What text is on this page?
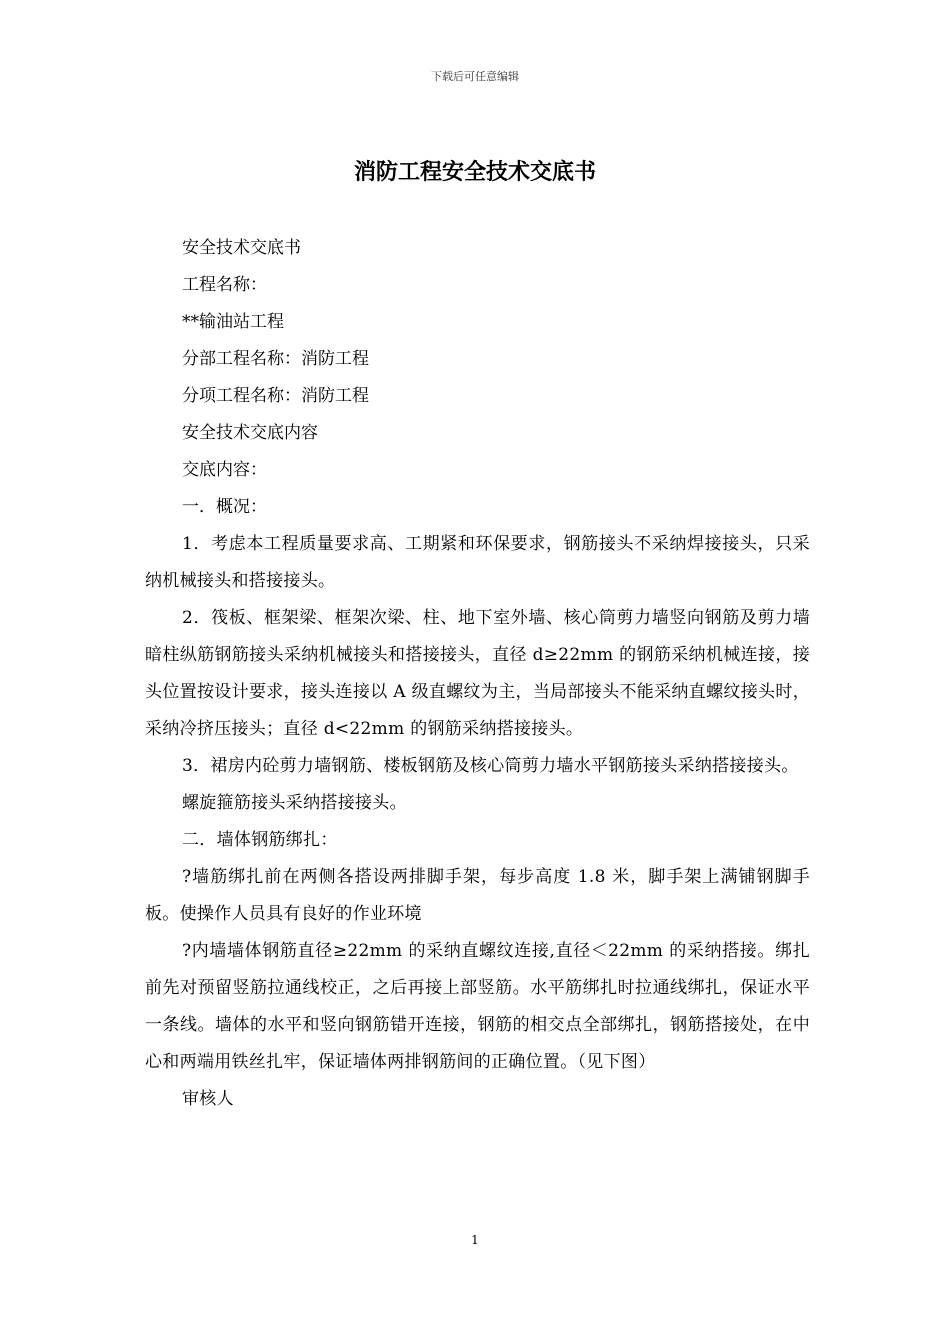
下载后可任意编辑
消防工程安全技术交底书
安全技术交底书
工程名称：
**输油站工程
分部工程名称：消防工程
分项工程名称：消防工程
安全技术交底内容
交底内容：
一．概况：

1．考虑本工程质量要求高、工期紧和环保要求，钢筋接头不采纳焊接接头，只采纳机械接头和搭接接头。

2．筏板、框架梁、框架次梁、柱、地下室外墙、核心筒剪力墙竖向钢筋及剪力墙暗柱纵筋钢筋接头采纳机械接头和搭接接头，直径 d≥22mm 的钢筋采纳机械连接，接头位置按设计要求，接头连接以 A 级直螺纹为主，当局部接头不能采纳直螺纹接头时，采纳冷挤压接头；直径 d<22mm 的钢筋采纳搭接接头。

3．裙房内砼剪力墙钢筋、楼板钢筋及核心筒剪力墙水平钢筋接头采纳搭接接头。

螺旋箍筋接头采纳搭接接头。

二．墙体钢筋绑扎：

?墙筋绑扎前在两侧各搭设两排脚手架，每步高度 1.8 米，脚手架上满铺钢脚手板。使操作人员具有良好的作业环境

?内墙墙体钢筋直径≥22mm 的采纳直螺纹连接,直径＜22mm 的采纳搭接。绑扎前先对预留竖筋拉通线校正，之后再接上部竖筋。水平筋绑扎时拉通线绑扎，保证水平一条线。墙体的水平和竖向钢筋错开连接，钢筋的相交点全部绑扎，钢筋搭接处，在中心和两端用铁丝扎牢，保证墙体两排钢筋间的正确位置。（见下图）

审核人

1
